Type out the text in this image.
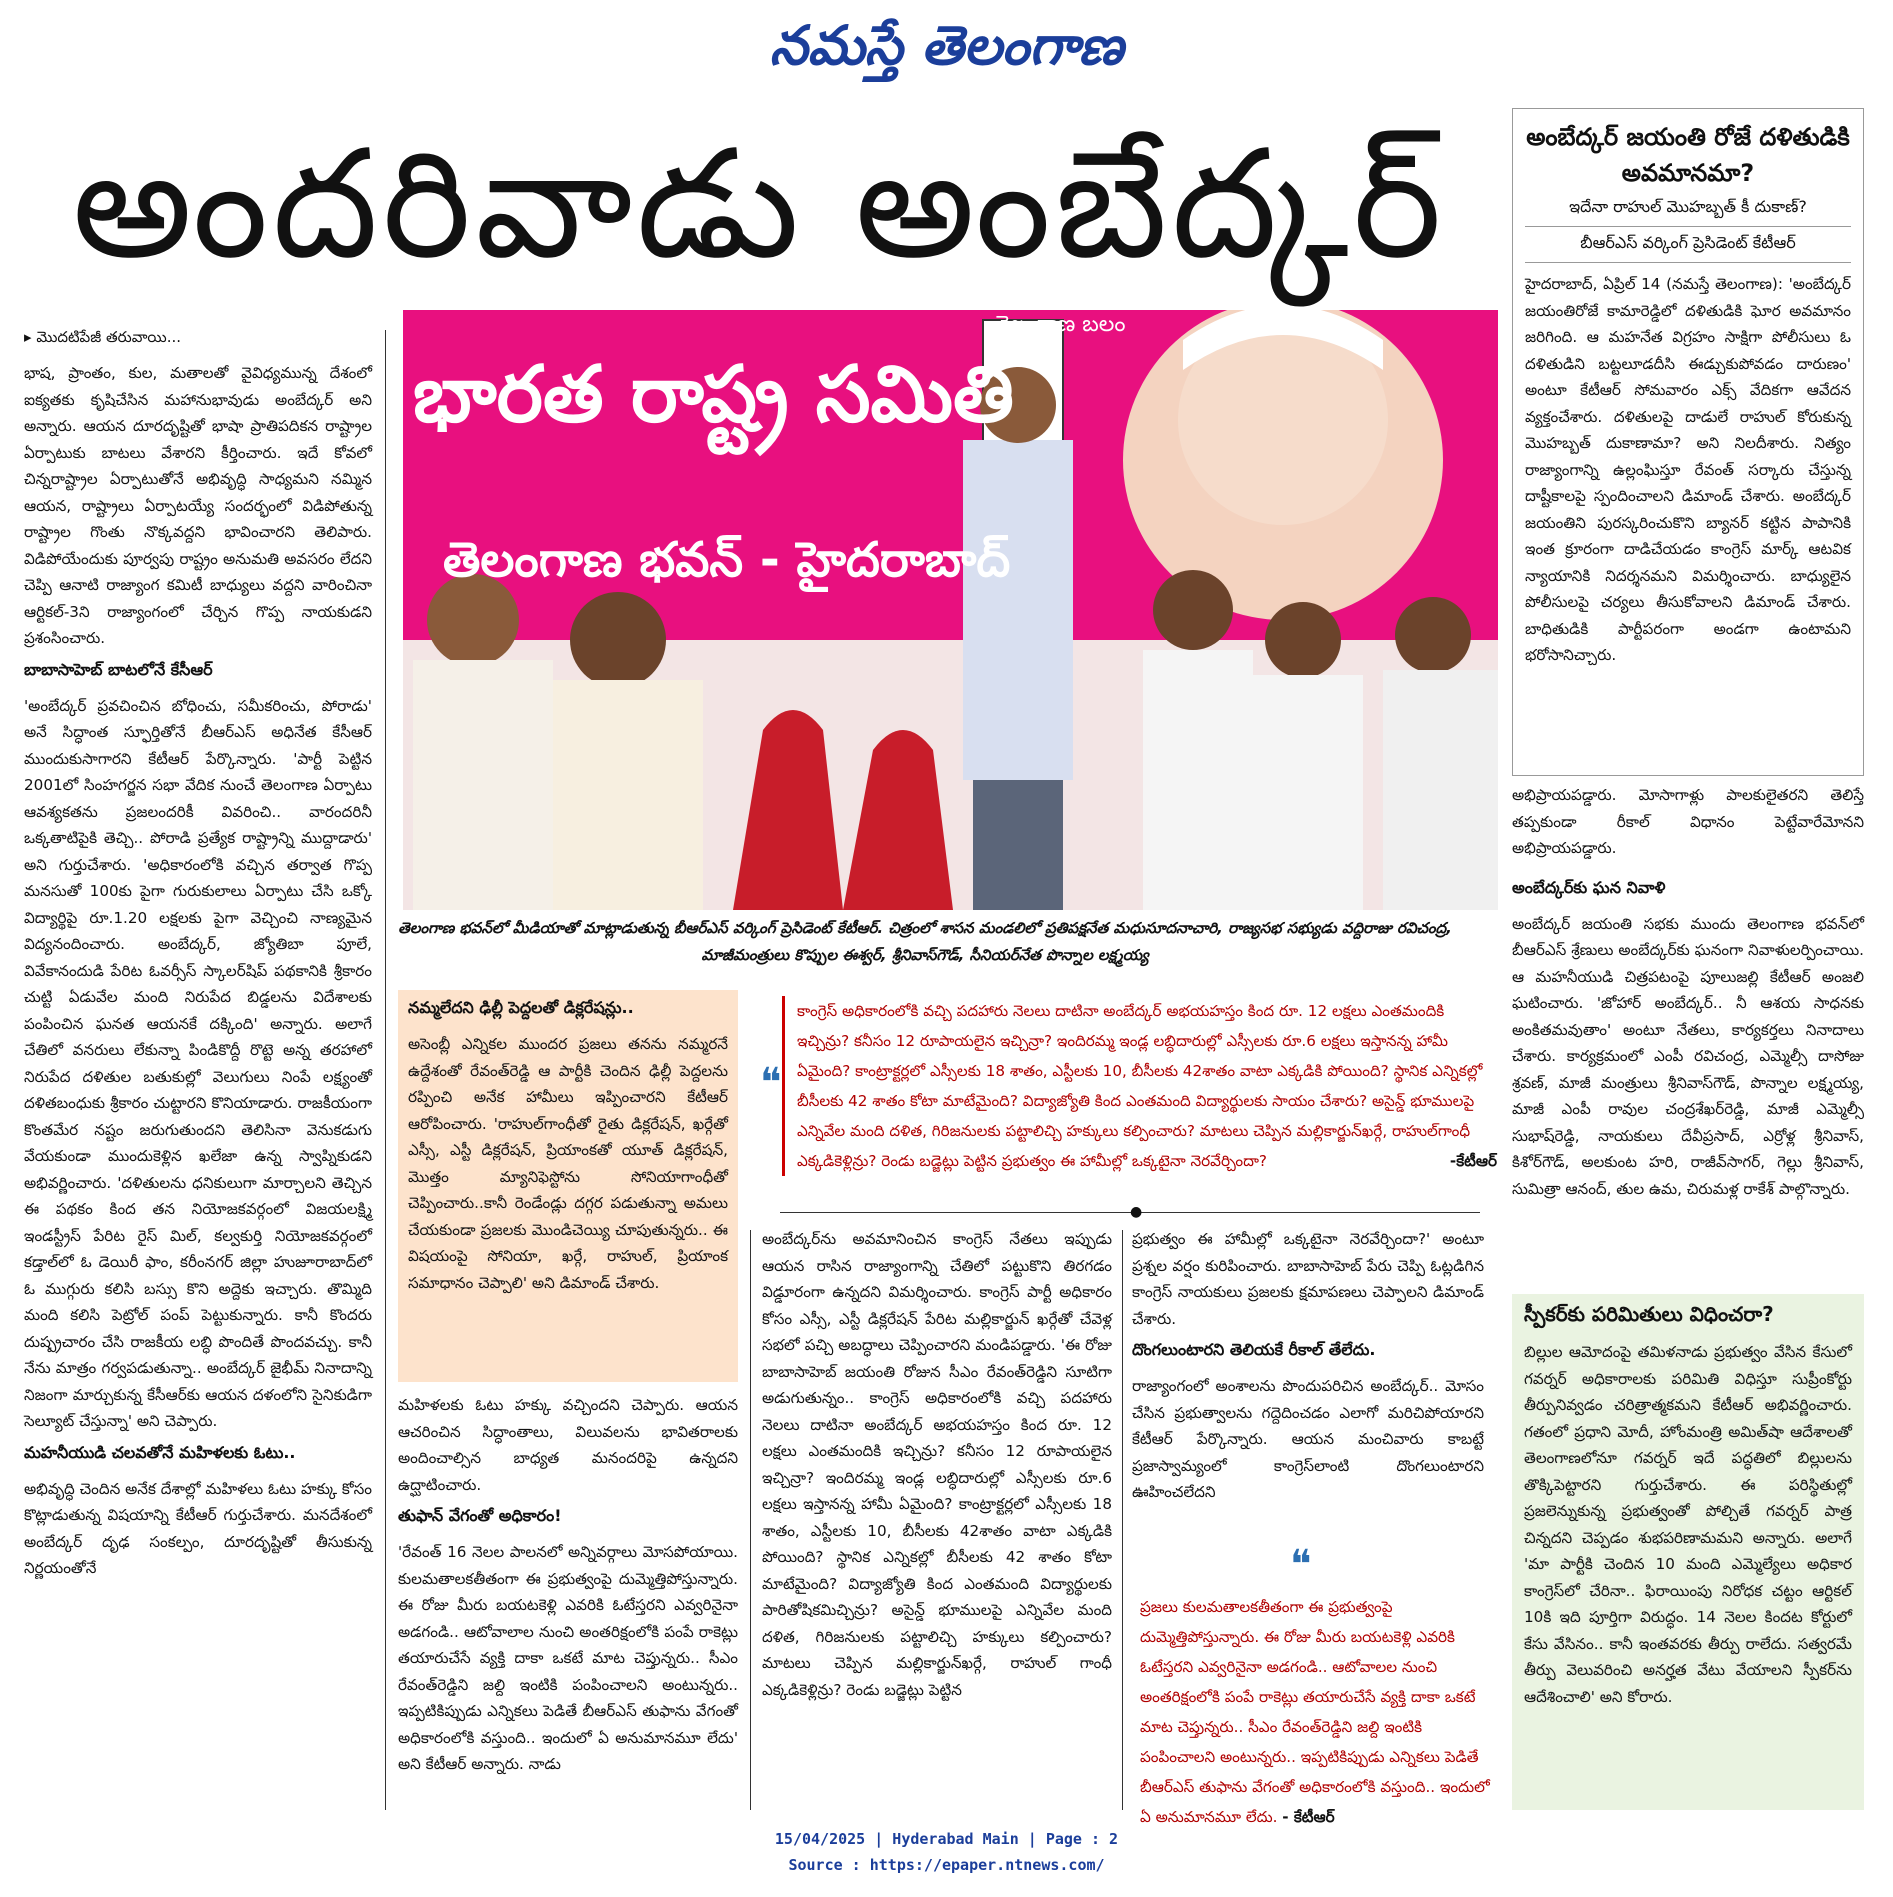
నమస్తే తెలంగాణ
అందరివాడు అంబేద్కర్
▸ మొదటిపేజీ తరువాయి...

భాష, ప్రాంతం, కుల, మతాలతో వైవిధ్యమున్న దేశంలో ఐక్యతకు కృషిచేసిన మహానుభావుడు అంబేద్కర్ అని అన్నారు. ఆయన దూరదృష్టితో భాషా ప్రాతిపదికన రాష్ట్రాల ఏర్పాటుకు బాటలు వేశారని కీర్తించారు. ఇదే కోవలో చిన్నరాష్ట్రాల ఏర్పాటుతోనే అభివృద్ధి సాధ్యమని నమ్మిన ఆయన, రాష్ట్రాలు ఏర్పాటయ్యే సందర్భంలో విడిపోతున్న రాష్ట్రాల గొంతు నొక్కవద్దని భావించారని తెలిపారు. విడిపోయేందుకు పూర్వపు రాష్ట్రం అనుమతి అవసరం లేదని చెప్పి ఆనాటి రాజ్యాంగ కమిటీ బాధ్యులు వద్దని వారించినా ఆర్టికల్-3ని రాజ్యాంగంలో చేర్చిన గొప్ప నాయకుడని ప్రశంసించారు.

బాబాసాహెబ్ బాటలోనే కేసీఆర్

'అంబేద్కర్ ప్రవచించిన బోధించు, సమీకరించు, పోరాడు' అనే సిద్ధాంత స్ఫూర్తితోనే బీఆర్ఎస్ అధినేత కేసీఆర్ ముందుకుసాగారని కేటీఆర్ పేర్కొన్నారు. 'పార్టీ పెట్టిన 2001లో సింహగర్జన సభా వేదిక నుంచే తెలంగాణ ఏర్పాటు ఆవశ్యకతను ప్రజలందరికీ వివరించి.. వారందరినీ ఒక్కతాటిపైకి తెచ్చి.. పోరాడి ప్రత్యేక రాష్ట్రాన్ని ముద్దాడారు' అని గుర్తుచేశారు. 'అధికారంలోకి వచ్చిన తర్వాత గొప్ప మనసుతో 100కు పైగా గురుకులాలు ఏర్పాటు చేసి ఒక్కో విద్యార్థిపై రూ.1.20 లక్షలకు పైగా వెచ్చించి నాణ్యమైన విద్యనందించారు. అంబేద్కర్, జ్యోతిబా పూలే, వివేకానందుడి పేరిట ఓవర్సీస్ స్కాలర్‌షిప్ పథకానికి శ్రీకారం చుట్టి ఏడువేల మంది నిరుపేద బిడ్డలను విదేశాలకు పంపించిన ఘనత ఆయనకే దక్కింది' అన్నారు. అలాగే చేతిలో వనరులు లేకున్నా పిండికొద్దీ రొట్టె అన్న తరహాలో నిరుపేద దళితుల బతుకుల్లో వెలుగులు నింపే లక్ష్యంతో దళితబంధుకు శ్రీకారం చుట్టారని కొనియాడారు. రాజకీయంగా కొంతమేర నష్టం జరుగుతుందని తెలిసినా వెనుకడుగు వేయకుండా ముందుకెళ్లిన ఖలేజా ఉన్న స్వాప్నికుడని అభివర్ణించారు. 'దళితులను ధనికులుగా మార్చాలని తెచ్చిన ఈ పథకం కింద తన నియోజకవర్గంలో విజయలక్ష్మి ఇండస్ట్రీస్ పేరిట రైస్ మిల్, కల్వకుర్తి నియోజకవర్గంలో కడ్తాల్‌లో ఓ డెయిరీ ఫాం, కరీంనగర్ జిల్లా హుజూరాబాద్‌లో ఓ ముగ్గురు కలిసి బస్సు కొని అద్దెకు ఇచ్చారు. తొమ్మిది మంది కలిసి పెట్రోల్ పంప్ పెట్టుకున్నారు. కానీ కొందరు దుష్ప్రచారం చేసి రాజకీయ లబ్ధి పొందితే పొందవచ్చు. కానీ నేను మాత్రం గర్వపడుతున్నా.. అంబేద్కర్ జైభీమ్ నినాదాన్ని నిజంగా మార్చుకున్న కేసీఆర్‌కు ఆయన దళంలోని సైనికుడిగా సెల్యూట్ చేస్తున్నా' అని చెప్పారు.

మహనీయుడి చలవతోనే మహిళలకు ఓటు..

అభివృద్ధి చెందిన అనేక దేశాల్లో మహిళలు ఓటు హక్కు కోసం కొట్లాడుతున్న విషయాన్ని కేటీఆర్ గుర్తుచేశారు. మనదేశంలో అంబేద్కర్ దృఢ సంకల్పం, దూరదృష్టితో తీసుకున్న నిర్ణయంతోనే

తెలంగాణ బలం
భారత రాష్ట్ర సమితి
తెలంగాణ భవన్ - హైదరాబాద్
తెలంగాణ భవన్‌లో మీడియాతో మాట్లాడుతున్న బీఆర్ఎస్ వర్కింగ్ ప్రెసిడెంట్ కేటీఆర్. చిత్రంలో శాసన మండలిలో ప్రతిపక్షనేత మధుసూదనాచారి, రాజ్యసభ సభ్యుడు వద్దిరాజు రవిచంద్ర, మాజీమంత్రులు కొప్పుల ఈశ్వర్, శ్రీనివాస్‌గౌడ్, సీనియర్‌నేత పొన్నాల లక్ష్మయ్య
నమ్మలేదని ఢిల్లీ పెద్దలతో డిక్లరేషన్లు..

అసెంబ్లీ ఎన్నికల ముందర ప్రజలు తనను నమ్మరనే ఉద్దేశంతో రేవంత్‌రెడ్డి ఆ పార్టీకి చెందిన ఢిల్లీ పెద్దలను రప్పించి అనేక హామీలు ఇప్పించారని కేటీఆర్ ఆరోపించారు. 'రాహుల్‌గాంధీతో రైతు డిక్లరేషన్, ఖర్గేతో ఎస్సీ, ఎస్టీ డిక్లరేషన్, ప్రియాంకతో యూత్ డిక్లరేషన్, మొత్తం మ్యానిఫెస్టోను సోనియాగాంధీతో చెప్పించారు..కానీ రెండేండ్లు దగ్గర పడుతున్నా అమలు చేయకుండా ప్రజలకు మొండిచెయ్యి చూపుతున్నరు.. ఈ విషయంపై సోనియా, ఖర్గే, రాహుల్, ప్రియాంక సమాధానం చెప్పాలి' అని డిమాండ్ చేశారు.

కాంగ్రెస్ అధికారంలోకి వచ్చి పదహారు నెలలు దాటినా అంబేద్కర్ అభయహస్తం కింద రూ. 12 లక్షలు ఎంతమందికి ఇచ్చిన్రు? కనీసం 12 రూపాయలైన ఇచ్చిన్రా? ఇందిరమ్మ ఇండ్ల లబ్ధిదారుల్లో ఎస్సీలకు రూ.6 లక్షలు ఇస్తానన్న హామీ ఏమైంది? కాంట్రాక్టర్లలో ఎస్సీలకు 18 శాతం, ఎస్టీలకు 10, బీసీలకు 42శాతం వాటా ఎక్కడికి పోయింది? స్థానిక ఎన్నికల్లో బీసీలకు 42 శాతం కోటా మాటేమైంది? విద్యాజ్యోతి కింద ఎంతమంది విద్యార్థులకు సాయం చేశారు? అసైన్డ్ భూములపై ఎన్నివేల మంది దళిత, గిరిజనులకు పట్టాలిచ్చి హక్కులు కల్పించారు? మాటలు చెప్పిన మల్లికార్జున్‌ఖర్గే, రాహుల్‌గాంధీ ఎక్కడికెళ్లిన్రు? రెండు బడ్జెట్లు పెట్టిన ప్రభుత్వం ఈ హామీల్లో ఒక్కటైనా నెరవేర్చిందా?	-కేటీఆర్
❝
●

మహిళలకు ఓటు హక్కు వచ్చిందని చెప్పారు. ఆయన ఆచరించిన సిద్ధాంతాలు, విలువలను భావితరాలకు అందించాల్సిన బాధ్యత మనందరిపై ఉన్నదని ఉద్ఘాటించారు.

తుఫాన్ వేగంతో అధికారం!

'రేవంత్ 16 నెలల పాలనలో అన్నివర్గాలు మోసపోయాయి. కులమతాలకతీతంగా ఈ ప్రభుత్వంపై దుమ్మెత్తిపోస్తున్నారు. ఈ రోజు మీరు బయటకెళ్లి ఎవరికి ఓటేస్తరని ఎవ్వరినైనా అడగండి.. ఆటోవాలాల నుంచి అంతరిక్షంలోకి పంపే రాకెట్లు తయారుచేసే వ్యక్తి దాకా ఒకటే మాట చెప్తున్నరు.. సీఎం రేవంత్‌రెడ్డిని జల్ది ఇంటికి పంపించాలని అంటున్నరు.. ఇప్పటికిప్పుడు ఎన్నికలు పెడితే బీఆర్ఎస్ తుఫాను వేగంతో అధికారంలోకి వస్తుంది.. ఇందులో ఏ అనుమానమూ లేదు' అని కేటీఆర్ అన్నారు. నాడు

అంబేద్కర్‌ను అవమానించిన కాంగ్రెస్ నేతలు ఇప్పుడు ఆయన రాసిన రాజ్యాంగాన్ని చేతిలో పట్టుకొని తిరగడం విడ్డూరంగా ఉన్నదని విమర్శించారు. కాంగ్రెస్ పార్టీ అధికారం కోసం ఎస్సీ, ఎస్టీ డిక్లరేషన్ పేరిట మల్లికార్జున్ ఖర్గేతో చేవెళ్ల సభలో పచ్చి అబద్ధాలు చెప్పించారని మండిపడ్డారు. 'ఈ రోజు బాబాసాహెబ్ జయంతి రోజున సీఎం రేవంత్‌రెడ్డిని సూటిగా అడుగుతున్నం.. కాంగ్రెస్ అధికారంలోకి వచ్చి పదహారు నెలలు దాటినా అంబేద్కర్ అభయహస్తం కింద రూ. 12 లక్షలు ఎంతమందికి ఇచ్చిన్రు? కనీసం 12 రూపాయలైన ఇచ్చిన్రా? ఇందిరమ్మ ఇండ్ల లబ్ధిదారుల్లో ఎస్సీలకు రూ.6 లక్షలు ఇస్తానన్న హామీ ఏమైంది? కాంట్రాక్టర్లలో ఎస్సీలకు 18 శాతం, ఎస్టీలకు 10, బీసీలకు 42శాతం వాటా ఎక్కడికి పోయింది? స్థానిక ఎన్నికల్లో బీసీలకు 42 శాతం కోటా మాటేమైంది? విద్యాజ్యోతి కింద ఎంతమంది విద్యార్థులకు పారితోషికమిచ్చిన్రు? అసైన్డ్ భూములపై ఎన్నివేల మంది దళిత, గిరిజనులకు పట్టాలిచ్చి హక్కులు కల్పించారు? మాటలు చెప్పిన మల్లికార్జున్‌ఖర్గే, రాహుల్ గాంధీ ఎక్కడికెళ్లిన్రు? రెండు బడ్జెట్లు పెట్టిన

ప్రభుత్వం ఈ హామీల్లో ఒక్కటైనా నెరవేర్చిందా?' అంటూ ప్రశ్నల వర్షం కురిపించారు. బాబాసాహెబ్ పేరు చెప్పి ఓట్లడిగిన కాంగ్రెస్ నాయకులు ప్రజలకు క్షమాపణలు చెప్పాలని డిమాండ్ చేశారు.

దొంగలుంటారని తెలియకే రీకాల్ తేలేదు.

రాజ్యాంగంలో అంశాలను పొందుపరిచిన అంబేద్కర్.. మోసం చేసిన ప్రభుత్వాలను గద్దెదించడం ఎలాగో మరిచిపోయారని కేటీఆర్ పేర్కొన్నారు. ఆయన మంచివారు కాబట్టే ప్రజాస్వామ్యంలో కాంగ్రెస్‌లాంటి దొంగలుంటారని ఊహించలేదని

❝
ప్రజలు కులమతాలకతీతంగా ఈ ప్రభుత్వంపై దుమ్మెత్తిపోస్తున్నారు. ఈ రోజు మీరు బయటకెళ్లి ఎవరికి ఓటేస్తరని ఎవ్వరినైనా అడగండి.. ఆటోవాలల నుంచి అంతరిక్షంలోకి పంపే రాకెట్లు తయారుచేసే వ్యక్తి దాకా ఒకటే మాట చెప్తున్నరు.. సీఎం రేవంత్‌రెడ్డిని జల్ది ఇంటికి పంపించాలని అంటున్నరు.. ఇప్పటికిప్పుడు ఎన్నికలు పెడితే బీఆర్ఎస్ తుఫాను వేగంతో అధికారంలోకి వస్తుంది.. ఇందులో ఏ అనుమానమూ లేదు. - కేటీఆర్
అంబేద్కర్ జయంతి రోజే దళితుడికి అవమానమా?
ఇదేనా రాహుల్ మొహబ్బత్ కీ దుకాణ్?
బీఆర్ఎస్ వర్కింగ్ ప్రెసిడెంట్ కేటీఆర్

హైదరాబాద్, ఏప్రిల్ 14 (నమస్తే తెలంగాణ): 'అంబేద్కర్ జయంతిరోజే కామారెడ్డిలో దళితుడికి ఘోర అవమానం జరిగింది. ఆ మహనేత విగ్రహం సాక్షిగా పోలీసులు ఓ దళితుడిని బట్టలూడదీసి ఈడ్చుకుపోవడం దారుణం' అంటూ కేటీఆర్ సోమవారం ఎక్స్ వేదికగా ఆవేదన వ్యక్తంచేశారు. దళితులపై దాడులే రాహుల్ కోరుకున్న మొహబ్బత్ దుకాణామా? అని నిలదీశారు. నిత్యం రాజ్యాంగాన్ని ఉల్లంఘిస్తూ రేవంత్ సర్కారు చేస్తున్న దాష్టీకాలపై స్పందించాలని డిమాండ్ చేశారు. అంబేద్కర్ జయంతిని పురస్కరించుకొని బ్యానర్ కట్టిన పాపానికి ఇంత క్రూరంగా దాడిచేయడం కాంగ్రెస్ మార్క్ ఆటవిక న్యాయానికి నిదర్శనమని విమర్శించారు. బాధ్యులైన పోలీసులపై చర్యలు తీసుకోవాలని డిమాండ్ చేశారు. బాధితుడికి పార్టీపరంగా అండగా ఉంటామని భరోసానిచ్చారు.

అభిప్రాయపడ్డారు. మోసాగాళ్లు పాలకులైతరని తెలిస్తే తప్పకుండా రీకాల్ విధానం పెట్టేవారేమోనని అభిప్రాయపడ్డారు.

అంబేద్కర్‌కు ఘన నివాళి

అంబేద్కర్ జయంతి సభకు ముందు తెలంగాణ భవన్‌లో బీఆర్ఎస్ శ్రేణులు అంబేద్కర్‌కు ఘనంగా నివాళులర్పించాయి. ఆ మహనీయుడి చిత్రపటంపై పూలుజల్లి కేటీఆర్ అంజలి ఘటించారు. 'జోహార్ అంబేద్కర్.. నీ ఆశయ సాధనకు అంకితమవుతాం' అంటూ నేతలు, కార్యకర్తలు నినాదాలు చేశారు. కార్యక్రమంలో ఎంపీ రవిచంద్ర, ఎమ్మెల్సీ దాసోజు శ్రవణ్, మాజీ మంత్రులు శ్రీనివాస్‌గౌడ్, పొన్నాల లక్ష్మయ్య, మాజీ ఎంపీ రావుల చంద్రశేఖర్‌రెడ్డి, మాజీ ఎమ్మెల్సీ సుభాష్‌రెడ్డి, నాయకులు దేవీప్రసాద్, ఎర్రోళ్ల శ్రీనివాస్, కిశోర్‌గౌడ్, అలకుంట హరి, రాజీవ్‌సాగర్, గెల్లు శ్రీనివాస్, సుమిత్రా ఆనంద్, తుల ఉమ, చిరుమళ్ల రాకేశ్ పాల్గొన్నారు.

స్పీకర్‌కు పరిమితులు విధించరా?

బిల్లుల ఆమోదంపై తమిళనాడు ప్రభుత్వం వేసిన కేసులో గవర్నర్ అధికారాలకు పరిమితి విధిస్తూ సుప్రీంకోర్టు తీర్పునివ్వడం చరిత్రాత్మకమని కేటీఆర్ అభివర్ణించారు. గతంలో ప్రధాని మోదీ, హోంమంత్రి అమిత్‌షా ఆదేశాలతో తెలంగాణలోనూ గవర్నర్ ఇదే పద్ధతిలో బిల్లులను తొక్కిపెట్టారని గుర్తుచేశారు. ఈ పరిస్థితుల్లో ప్రజలెన్నుకున్న ప్రభుత్వంతో పోల్చితే గవర్నర్ పాత్ర చిన్నదని చెప్పడం శుభపరిణామమని అన్నారు. అలాగే 'మా పార్టీకి చెందిన 10 మంది ఎమ్మెల్యేలు అధికార కాంగ్రెస్‌లో చేరినా.. ఫిరాయింపు నిరోధక చట్టం ఆర్టికల్ 10కి ఇది పూర్తిగా విరుద్ధం. 14 నెలల కిందట కోర్టులో కేసు వేసినం.. కానీ ఇంతవరకు తీర్పు రాలేదు. సత్వరమే తీర్పు వెలువరించి అనర్హత వేటు వేయాలని స్పీకర్‌ను ఆదేశించాలి' అని కోరారు.

15/04/2025 | Hyderabad Main | Page : 2
Source : https://epaper.ntnews.com/
